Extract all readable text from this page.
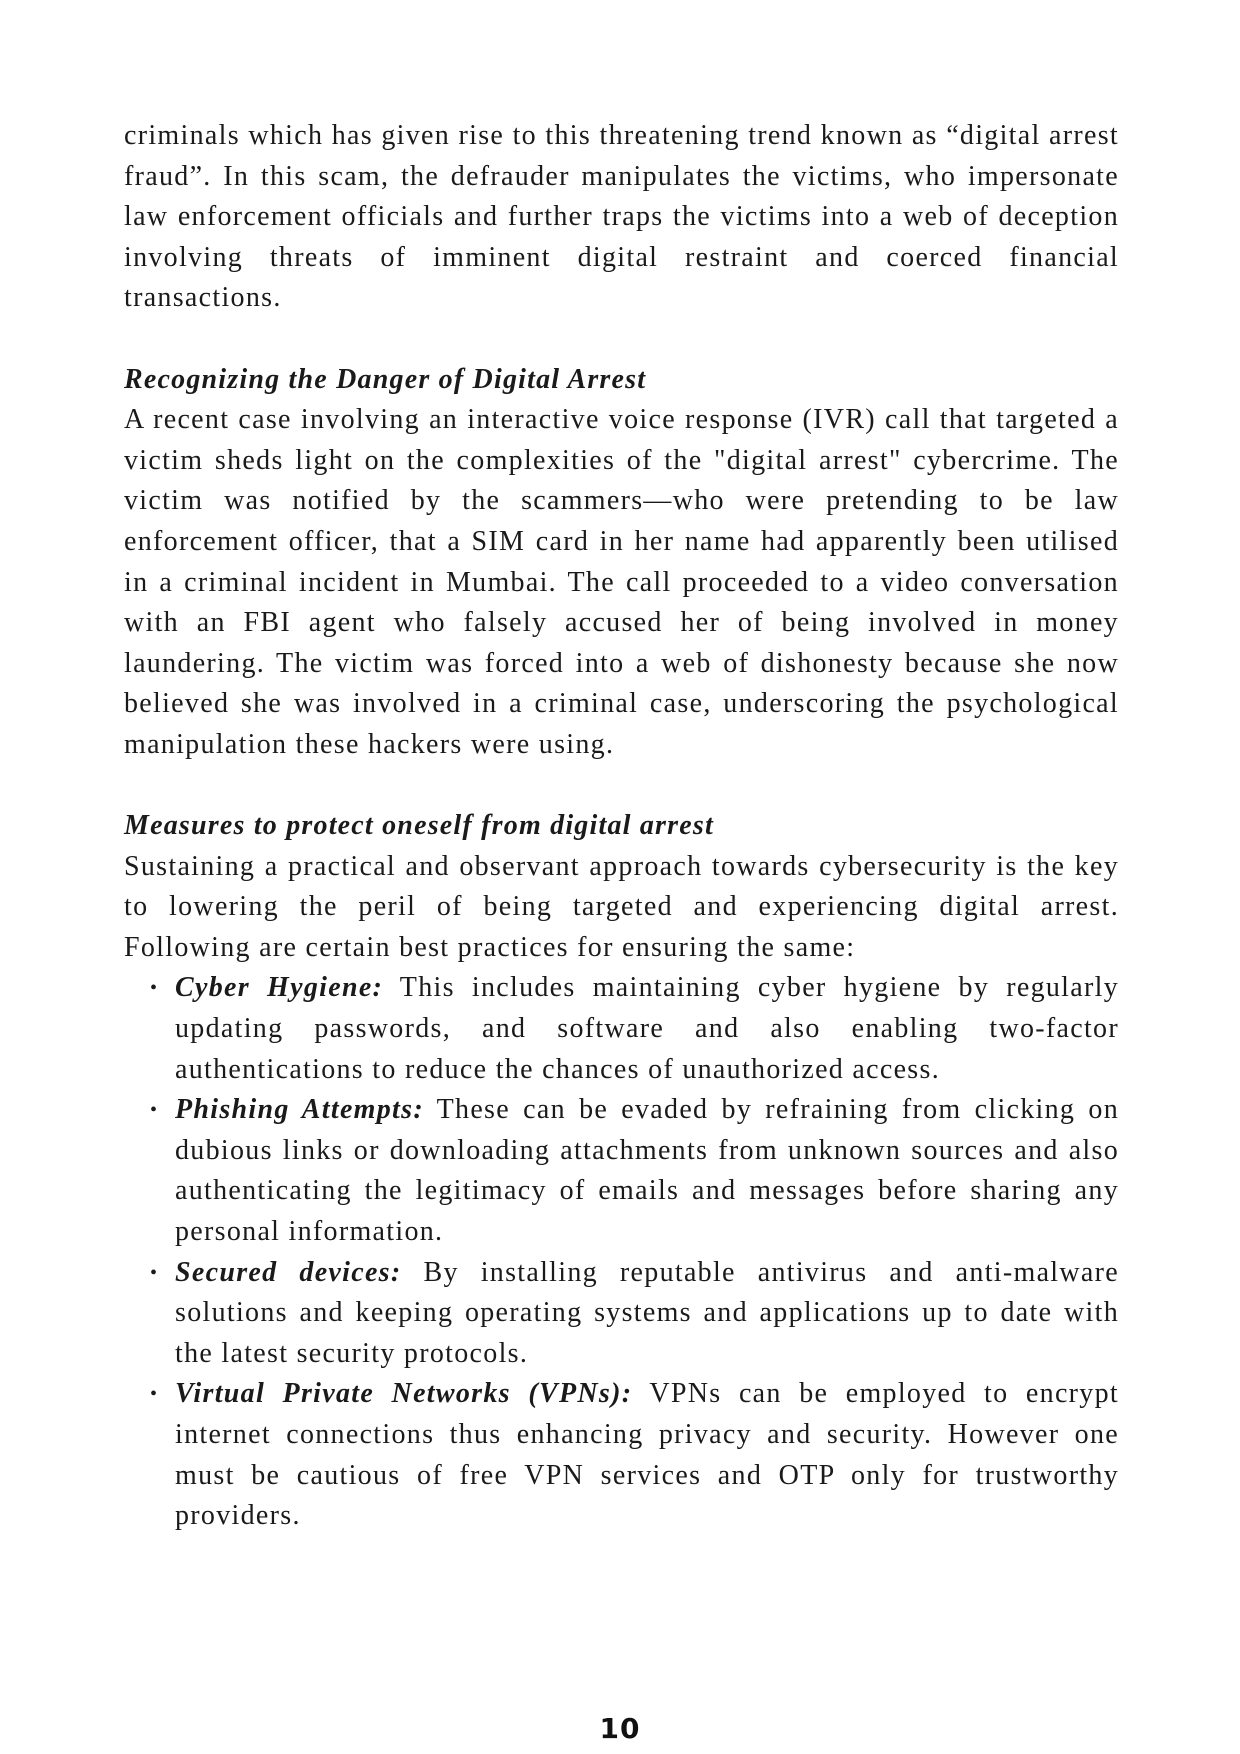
criminals which has given rise to this threatening trend known as “digital arrest fraud”. In this scam, the defrauder manipulates the victims, who impersonate law enforcement officials and further traps the victims into a web of deception involving threats of imminent digital restraint and coerced financial transactions.

Recognizing the Danger of Digital Arrest

A recent case involving an interactive voice response (IVR) call that targeted a victim sheds light on the complexities of the "digital arrest" cybercrime. The victim was notified by the scammers—who were pretending to be law enforcement officer, that a SIM card in her name had apparently been utilised in a criminal incident in Mumbai. The call proceeded to a video conversation with an FBI agent who falsely accused her of being involved in money laundering. The victim was forced into a web of dishonesty because she now believed she was involved in a criminal case, underscoring the psychological manipulation these hackers were using.

Measures to protect oneself from digital arrest

Sustaining a practical and observant approach towards cybersecurity is the key to lowering the peril of being targeted and experiencing digital arrest. Following are certain best practices for ensuring the same:

• Cyber Hygiene: This includes maintaining cyber hygiene by regularly updating passwords, and software and also enabling two-factor authentications to reduce the chances of unauthorized access.
• Phishing Attempts: These can be evaded by refraining from clicking on dubious links or downloading attachments from unknown sources and also authenticating the legitimacy of emails and messages before sharing any personal information.
• Secured devices: By installing reputable antivirus and anti-malware solutions and keeping operating systems and applications up to date with the latest security protocols.
• Virtual Private Networks (VPNs): VPNs can be employed to encrypt internet connections thus enhancing privacy and security. However one must be cautious of free VPN services and OTP only for trustworthy providers.
10
